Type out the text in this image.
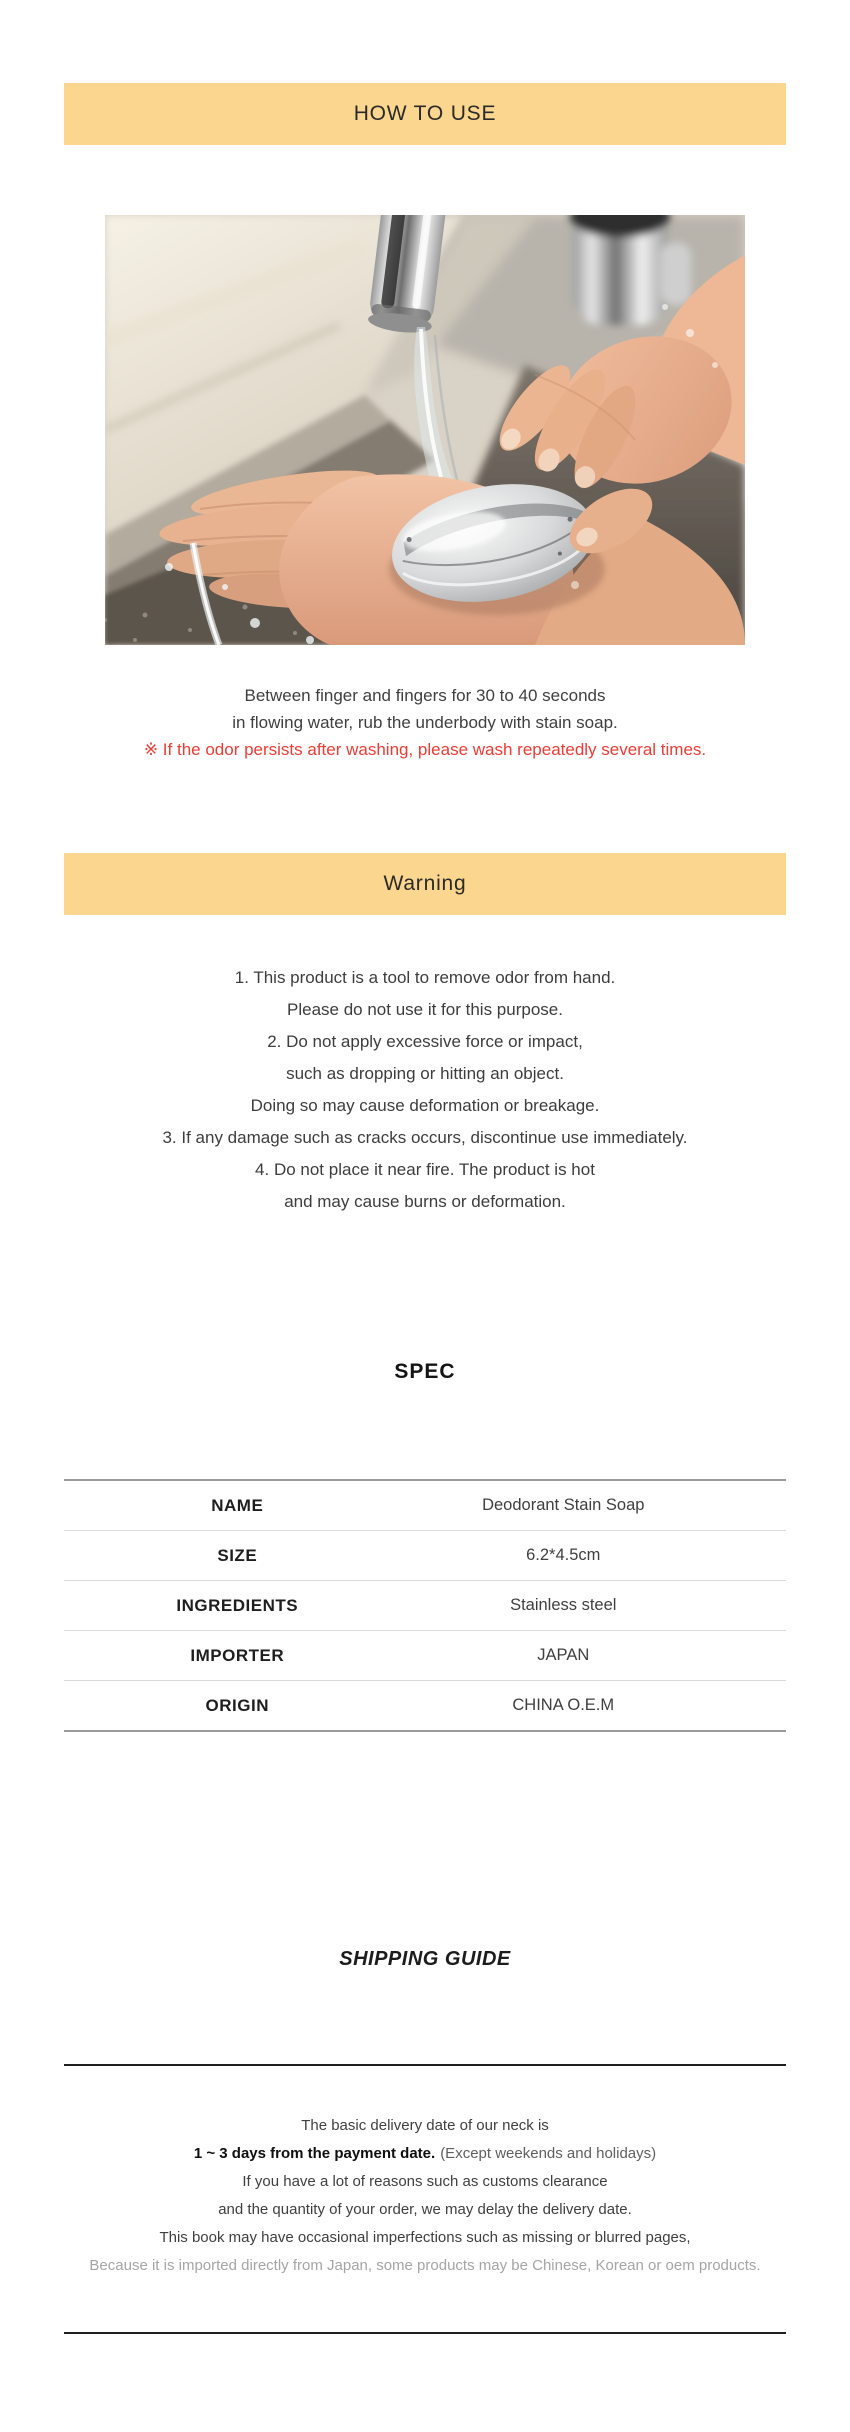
HOW TO USE

Between finger and fingers for 30 to 40 seconds

in flowing water, rub the underbody with stain soap.

※ If the odor persists after washing, please wash repeatedly several times.

Warning

1. This product is a tool to remove odor from hand.

Please do not use it for this purpose.

2. Do not apply excessive force or impact,

such as dropping or hitting an object.

Doing so may cause deformation or breakage.

3. If any damage such as cracks occurs, discontinue use immediately.

4. Do not place it near fire. The product is hot

and may cause burns or deformation.

SPEC
NAME	Deodorant Stain Soap
SIZE	6.2*4.5cm
INGREDIENTS	Stainless steel
IMPORTER	JAPAN
ORIGIN	CHINA O.E.M
SHIPPING GUIDE

The basic delivery date of our neck is

1 ~ 3 days from the payment date. (Except weekends and holidays)

If you have a lot of reasons such as customs clearance

and the quantity of your order, we may delay the delivery date.

This book may have occasional imperfections such as missing or blurred pages,

Because it is imported directly from Japan, some products may be Chinese, Korean or oem products.
